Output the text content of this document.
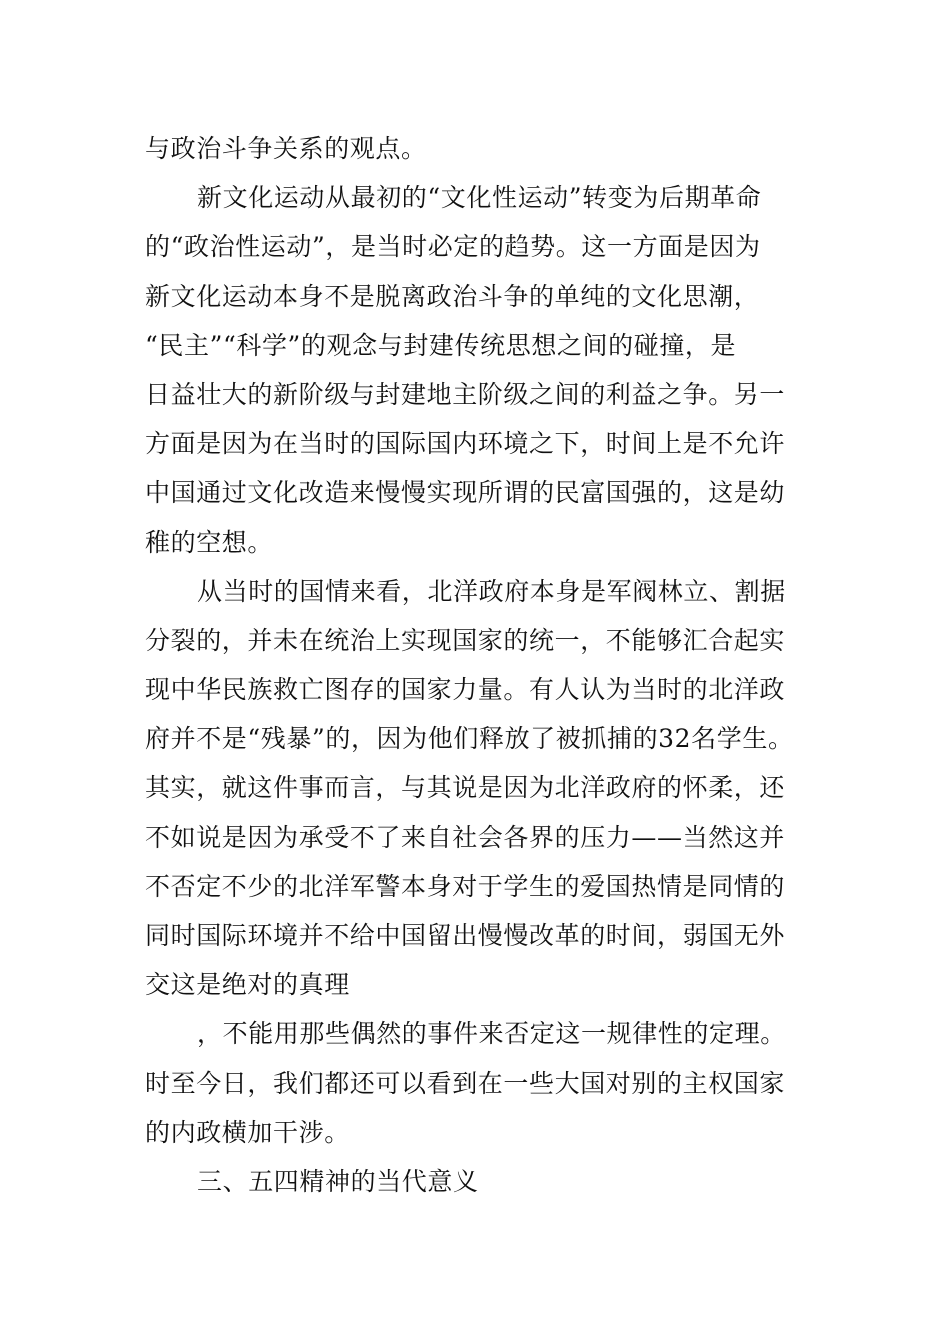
与政治斗争关系的观点。
新文化运动从最初的“文化性运动”转变为后期革命
的“政治性运动”，是当时必定的趋势。这一方面是因为
新文化运动本身不是脱离政治斗争的单纯的文化思潮，
“民主”“科学”的观念与封建传统思想之间的碰撞，是
日益壮大的新阶级与封建地主阶级之间的利益之争。另一
方面是因为在当时的国际国内环境之下，时间上是不允许
中国通过文化改造来慢慢实现所谓的民富国强的，这是幼
稚的空想。
从当时的国情来看，北洋政府本身是军阀林立、割据
分裂的，并未在统治上实现国家的统一，不能够汇合起实
现中华民族救亡图存的国家力量。有人认为当时的北洋政
府并不是“残暴”的，因为他们释放了被抓捕的32名学生。
其实，就这件事而言，与其说是因为北洋政府的怀柔，还
不如说是因为承受不了来自社会各界的压力——当然这并
不否定不少的北洋军警本身对于学生的爱国热情是同情的
同时国际环境并不给中国留出慢慢改革的时间，弱国无外
交这是绝对的真理
，不能用那些偶然的事件来否定这一规律性的定理。
时至今日，我们都还可以看到在一些大国对别的主权国家
的内政横加干涉。
三、五四精神的当代意义
